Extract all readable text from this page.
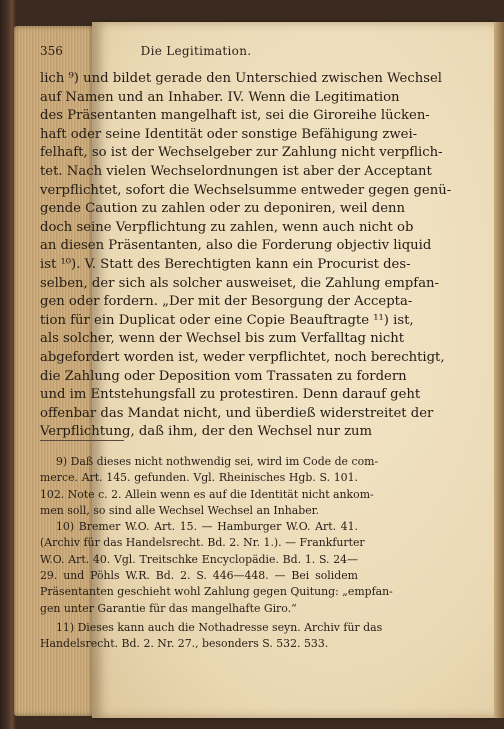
356	Die Legitimation.

lich ⁹) und bildet gerade den Unterschied zwischen Wechsel

auf Namen und an Inhaber. IV. Wenn die Legitimation

des Präsentanten mangelhaft ist, sei die Giroreihe lücken-

haft oder seine Identität oder sonstige Befähigung zwei-

felhaft, so ist der Wechselgeber zur Zahlung nicht verpflich-

tet. Nach vielen Wechselordnungen ist aber der Acceptant

verpflichtet, sofort die Wechselsumme entweder gegen genü-

gende Caution zu zahlen oder zu deponiren, weil denn

doch seine Verpflichtung zu zahlen, wenn auch nicht ob

an diesen Präsentanten, also die Forderung objectiv liquid

ist ¹⁰). V. Statt des Berechtigten kann ein Procurist des-

selben, der sich als solcher ausweiset, die Zahlung empfan-

gen oder fordern. „Der mit der Besorgung der Accepta-

tion für ein Duplicat oder eine Copie Beauftragte ¹¹) ist,

als solcher, wenn der Wechsel bis zum Verfalltag nicht

abgefordert worden ist, weder verpflichtet, noch berechtigt,

die Zahlung oder Deposition vom Trassaten zu fordern

und im Entstehungsfall zu protestiren. Denn darauf geht

offenbar das Mandat nicht, und überdieß widerstreitet der

Verpflichtung, daß ihm, der den Wechsel nur zum

9) Daß dieses nicht nothwendig sei, wird im Code de com-

merce. Art. 145. gefunden. Vgl. Rheinisches Hgb. S. 101.

102. Note c. 2. Allein wenn es auf die Identität nicht ankom-

men soll, so sind alle Wechsel Wechsel an Inhaber.

10) Bremer W.O. Art. 15. — Hamburger W.O. Art. 41.

(Archiv für das Handelsrecht. Bd. 2. Nr. 1.). — Frankfurter

W.O. Art. 40. Vgl. Treitschke Encyclopädie. Bd. 1. S. 24—

29. und Pöhls W.R. Bd. 2. S. 446—448. — Bei solidem

Präsentanten geschieht wohl Zahlung gegen Quitung: „empfan-

gen unter Garantie für das mangelhafte Giro.“

11) Dieses kann auch die Nothadresse seyn. Archiv für das

Handelsrecht. Bd. 2. Nr. 27., besonders S. 532. 533.
